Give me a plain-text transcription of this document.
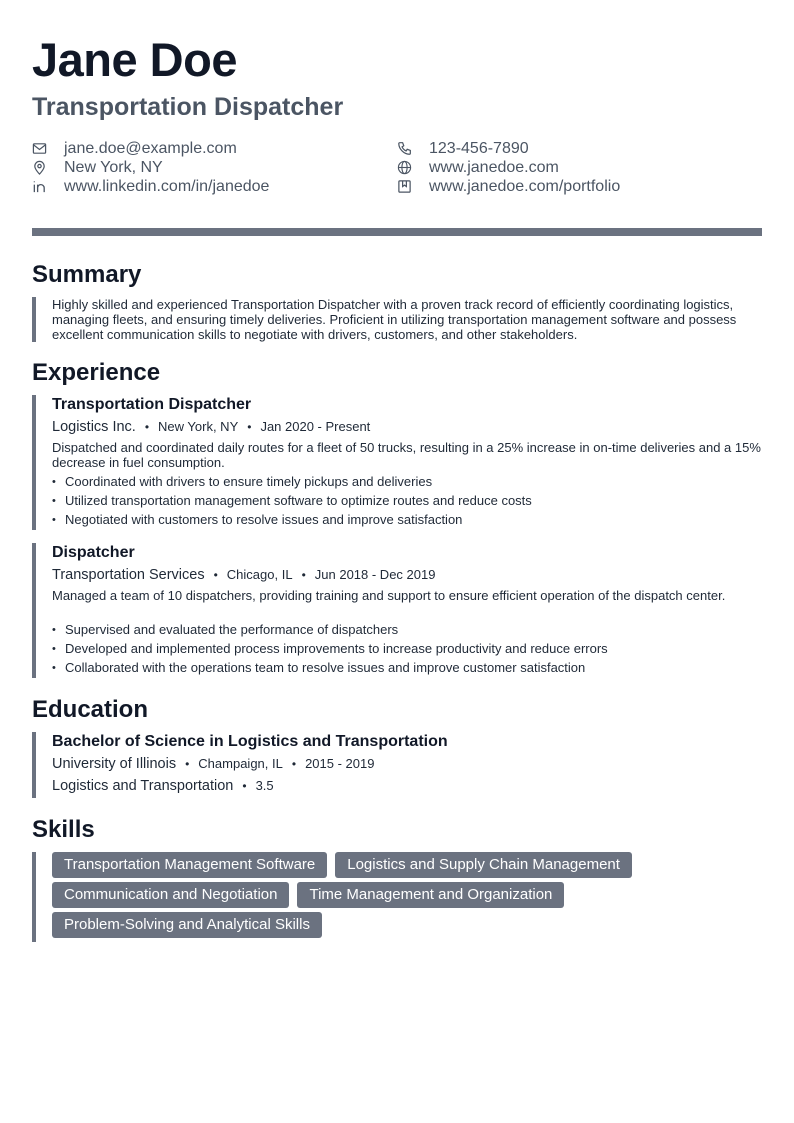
Jane Doe
Transportation Dispatcher
jane.doe@example.com	123-456-7890
New York, NY	www.janedoe.com
www.linkedin.com/in/janedoe	www.janedoe.com/portfolio
Summary
Highly skilled and experienced Transportation Dispatcher with a proven track record of efficiently coordinating logistics, managing fleets, and ensuring timely deliveries. Proficient in utilizing transportation management software and possess excellent communication skills to negotiate with drivers, customers, and other stakeholders.
Experience
Transportation Dispatcher
Logistics Inc. • New York, NY • Jan 2020 - Present
Dispatched and coordinated daily routes for a fleet of 50 trucks, resulting in a 25% increase in on-time deliveries and a 15% decrease in fuel consumption.
• Coordinated with drivers to ensure timely pickups and deliveries
• Utilized transportation management software to optimize routes and reduce costs
• Negotiated with customers to resolve issues and improve satisfaction
Dispatcher
Transportation Services • Chicago, IL • Jun 2018 - Dec 2019
Managed a team of 10 dispatchers, providing training and support to ensure efficient operation of the dispatch center.
• Supervised and evaluated the performance of dispatchers
• Developed and implemented process improvements to increase productivity and reduce errors
• Collaborated with the operations team to resolve issues and improve customer satisfaction
Education
Bachelor of Science in Logistics and Transportation
University of Illinois • Champaign, IL • 2015 - 2019
Logistics and Transportation • 3.5
Skills
Transportation Management Software	Logistics and Supply Chain Management
Communication and Negotiation	Time Management and Organization
Problem-Solving and Analytical Skills
